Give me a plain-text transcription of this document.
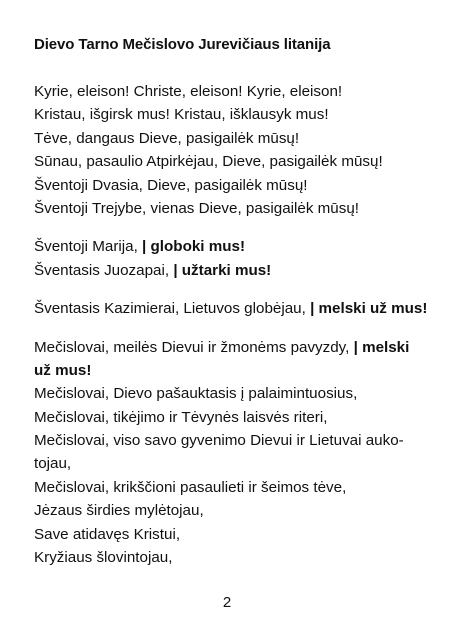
Dievo Tarno Mečislovo Jurevičiaus litanija
Kyrie, eleison! Christe, eleison! Kyrie, eleison!
Kristau, išgirsk mus! Kristau, išklausyk mus!
Tėve, dangaus Dieve, pasigailėk mūsų!
Sūnau, pasaulio Atpirkėjau, Dieve, pasigailėk mūsų!
Šventoji Dvasia, Dieve, pasigailėk mūsų!
Šventoji Trejybe, vienas Dieve, pasigailėk mūsų!
Šventoji Marija, | globoki mus!
Šventasis Juozapai, | užtarki mus!
Šventasis Kazimierai, Lietuvos globėjau, | melski už mus!
Mečislovai, meilės Dievui ir žmonėms pavyzdy, | melski
už mus!
Mečislovai, Dievo pašauktasis į palaimintuosius,
Mečislovai, tikėjimo ir Tėvynės laisvės riteri,
Mečislovai, viso savo gyvenimo Dievui ir Lietuvai auko-
tojau,
Mečislovai, krikščioni pasaulieti ir šeimos tėve,
Jėzaus širdies mylėtojau,
Save atidavęs Kristui,
Kryžiaus šlovintojau,
2
